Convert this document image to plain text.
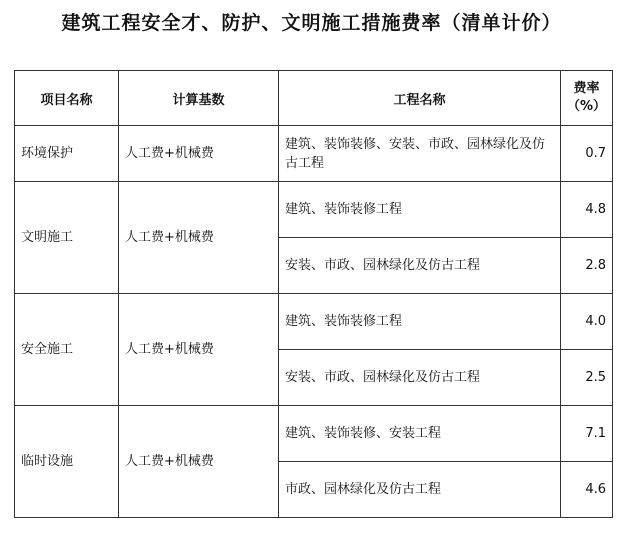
建筑工程安全才、防护、文明施工措施费率（清单计价）
项目名称	计算基数	工程名称	费率
（%）

环境保护	人工费+机械费	建筑、装饰装修、安装、市政、园林绿化及仿古工程	0.7
文明施工	人工费+机械费	建筑、装饰装修工程	4.8
		安装、市政、园林绿化及仿古工程	2.8
安全施工	人工费+机械费	建筑、装饰装修工程	4.0
		安装、市政、园林绿化及仿古工程	2.5
临时设施	人工费+机械费	建筑、装饰装修、安装工程	7.1
		市政、园林绿化及仿古工程	4.6
